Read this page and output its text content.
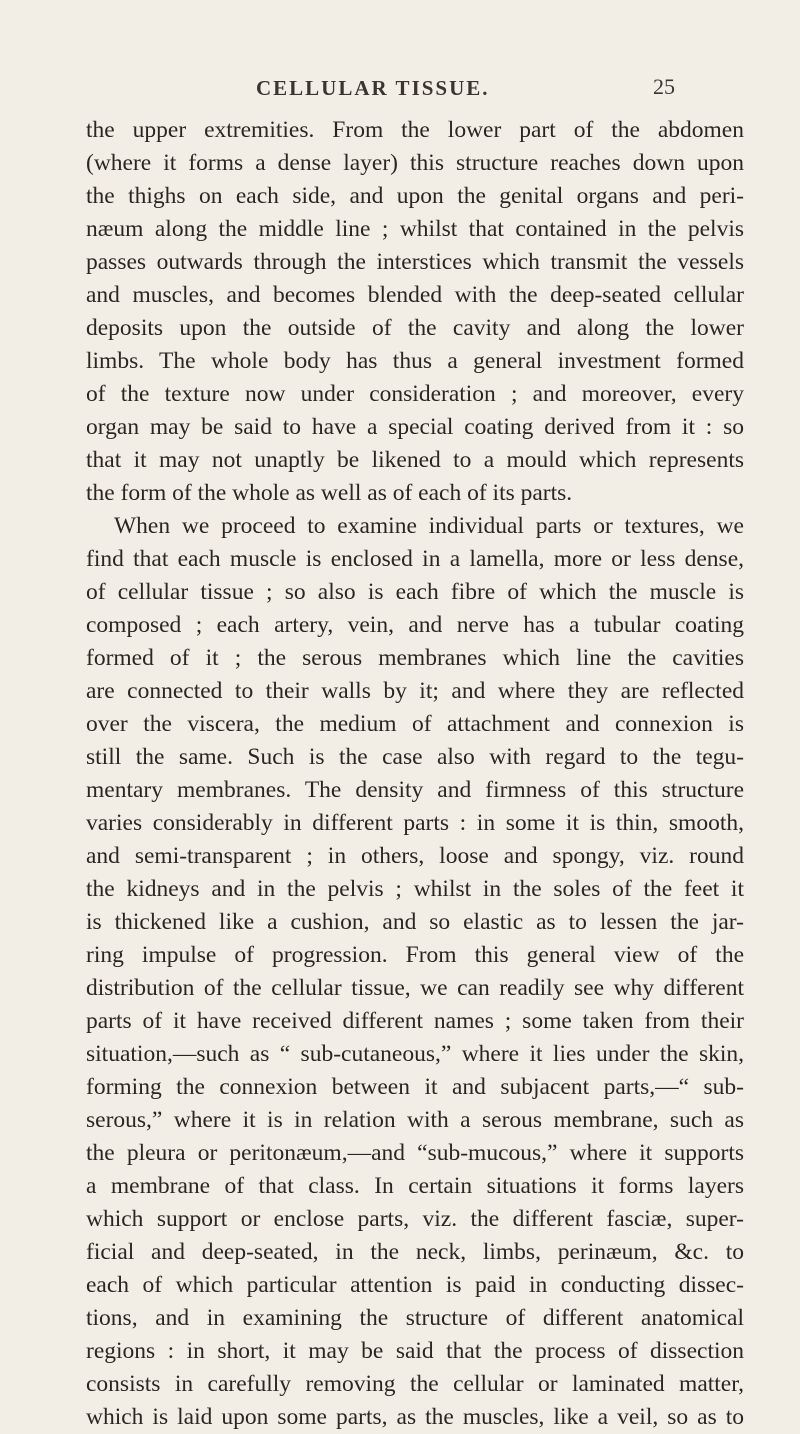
CELLULAR TISSUE.	25
the upper extremities. From the lower part of the abdomen
(where it forms a dense layer) this structure reaches down upon
the thighs on each side, and upon the genital organs and peri-
næum along the middle line ; whilst that contained in the pelvis
passes outwards through the interstices which transmit the vessels
and muscles, and becomes blended with the deep-seated cellular
deposits upon the outside of the cavity and along the lower
limbs. The whole body has thus a general investment formed
of the texture now under consideration ; and moreover, every
organ may be said to have a special coating derived from it : so
that it may not unaptly be likened to a mould which represents
the form of the whole as well as of each of its parts.
When we proceed to examine individual parts or textures, we
find that each muscle is enclosed in a lamella, more or less dense,
of cellular tissue ; so also is each fibre of which the muscle is
composed ; each artery, vein, and nerve has a tubular coating
formed of it ; the serous membranes which line the cavities
are connected to their walls by it; and where they are reflected
over the viscera, the medium of attachment and connexion is
still the same. Such is the case also with regard to the tegu-
mentary membranes. The density and firmness of this structure
varies considerably in different parts : in some it is thin, smooth,
and semi-transparent ; in others, loose and spongy, viz. round
the kidneys and in the pelvis ; whilst in the soles of the feet it
is thickened like a cushion, and so elastic as to lessen the jar-
ring impulse of progression. From this general view of the
distribution of the cellular tissue, we can readily see why different
parts of it have received different names ; some taken from their
situation,—such as “ sub-cutaneous,” where it lies under the skin,
forming the connexion between it and subjacent parts,—“ sub-
serous,” where it is in relation with a serous membrane, such as
the pleura or peritonæum,—and “sub-mucous,” where it supports
a membrane of that class. In certain situations it forms layers
which support or enclose parts, viz. the different fasciæ, super-
ficial and deep-seated, in the neck, limbs, perinæum, &c. to
each of which particular attention is paid in conducting dissec-
tions, and in examining the structure of different anatomical
regions : in short, it may be said that the process of dissection
consists in carefully removing the cellular or laminated matter,
which is laid upon some parts, as the muscles, like a veil, so as to
